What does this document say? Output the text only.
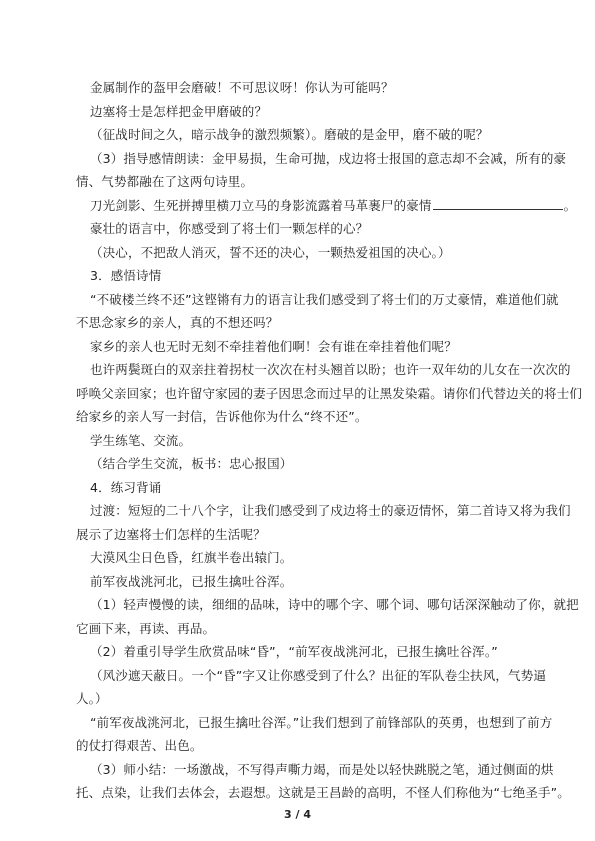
金属制作的盔甲会磨破！不可思议呀！你认为可能吗？
边塞将士是怎样把金甲磨破的？
（征战时间之久，暗示战争的激烈频繁）。磨破的是金甲，磨不破的呢？
（3）指导感情朗读：金甲易损，生命可抛，戍边将士报国的意志却不会减，所有的豪
情、气势都融在了这两句诗里。
刀光剑影、生死拼搏里横刀立马的身影流露着马革裹尸的豪情	。
豪壮的语言中，你感受到了将士们一颗怎样的心？
（决心，不把敌人消灭，誓不还的决心，一颗热爱祖国的决心。）
3．感悟诗情
“不破楼兰终不还”这铿锵有力的语言让我们感受到了将士们的万丈豪情，难道他们就
不思念家乡的亲人，真的不想还吗？
家乡的亲人也无时无刻不牵挂着他们啊！会有谁在牵挂着他们呢？
也许两鬓斑白的双亲拄着拐杖一次次在村头翘首以盼；也许一双年幼的儿女在一次次的
呼唤父亲回家；也许留守家园的妻子因思念而过早的让黑发染霜。请你们代替边关的将士们
给家乡的亲人写一封信，告诉他你为什么“终不还”。
学生练笔、交流。
（结合学生交流，板书：忠心报国）
4．练习背诵
过渡：短短的二十八个字，让我们感受到了戍边将士的豪迈情怀，第二首诗又将为我们
展示了边塞将士们怎样的生活呢？
大漠风尘日色昏，红旗半卷出辕门。
前军夜战洮河北，已报生擒吐谷浑。
（1）轻声慢慢的读，细细的品味，诗中的哪个字、哪个词、哪句话深深触动了你，就把
它画下来，再读、再品。
（2）着重引导学生欣赏品味“昏”，“前军夜战洮河北，已报生擒吐谷浑。”
（风沙遮天蔽日。一个“昏”字又让你感受到了什么？出征的军队卷尘扶风，气势逼
人。）
“前军夜战洮河北，已报生擒吐谷浑。”让我们想到了前锋部队的英勇，也想到了前方
的仗打得艰苦、出色。
（3）师小结：一场激战，不写得声嘶力竭，而是处以轻快跳脱之笔，通过侧面的烘
托、点染，让我们去体会，去遐想。这就是王昌龄的高明，不怪人们称他为“七绝圣手”。
3 / 4
